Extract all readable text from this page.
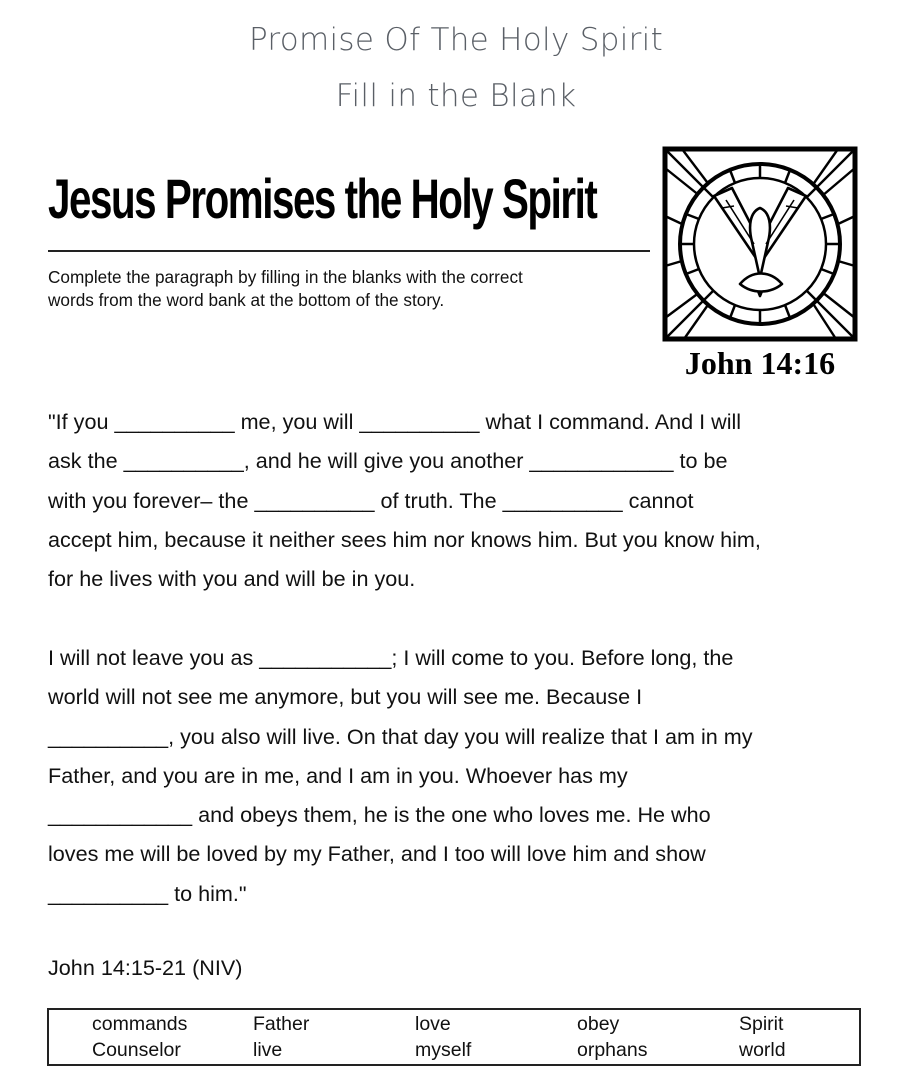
Promise Of The Holy Spirit
Fill in the Blank
Jesus Promises the Holy Spirit
Complete the paragraph by filling in the blanks with the correct
words from the word bank at the bottom of the story.
John 14:16
"If you __________ me, you will __________ what I command. And I will
ask the __________, and he will give you another ____________ to be
with you forever– the __________ of truth. The __________ cannot
accept him, because it neither sees him nor knows him. But you know him,
for he lives with you and will be in you.
I will not leave you as ___________; I will come to you. Before long, the
world will not see me anymore, but you will see me. Because I
__________, you also will live. On that day you will realize that I am in my
Father, and you are in me, and I am in you. Whoever has my
____________ and obeys them, he is the one who loves me. He who
loves me will be loved by my Father, and I too will love him and show
__________ to him."
John 14:15-21 (NIV)
commands	Father	love	obey	Spirit
Counselor	live	myself	orphans	world
